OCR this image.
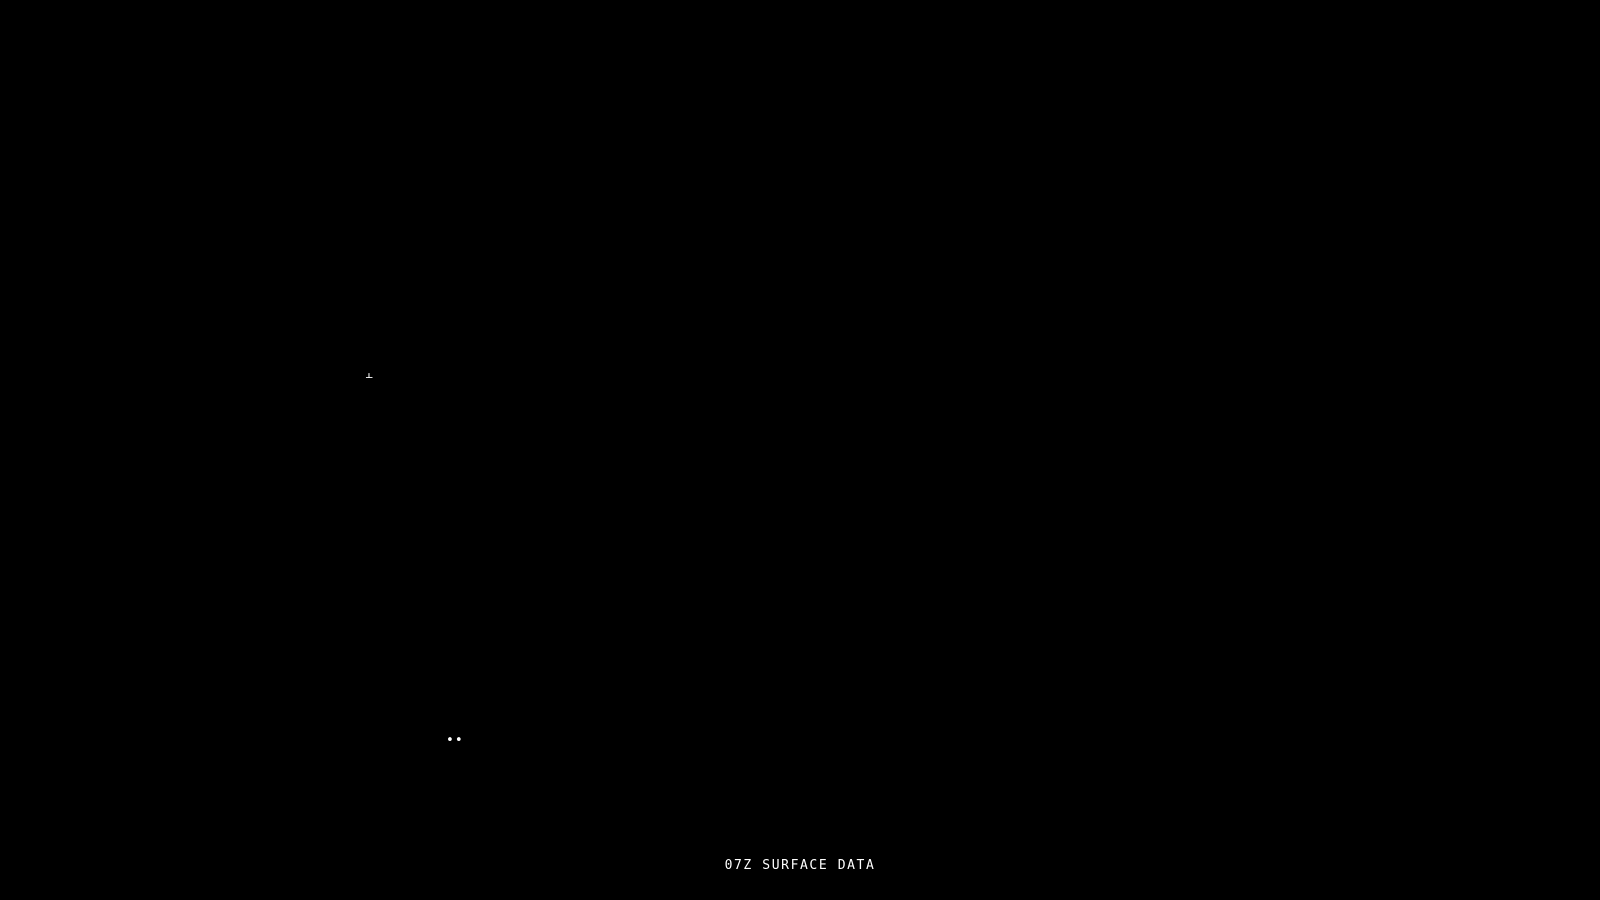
⫠
••
07Z SURFACE DATA
